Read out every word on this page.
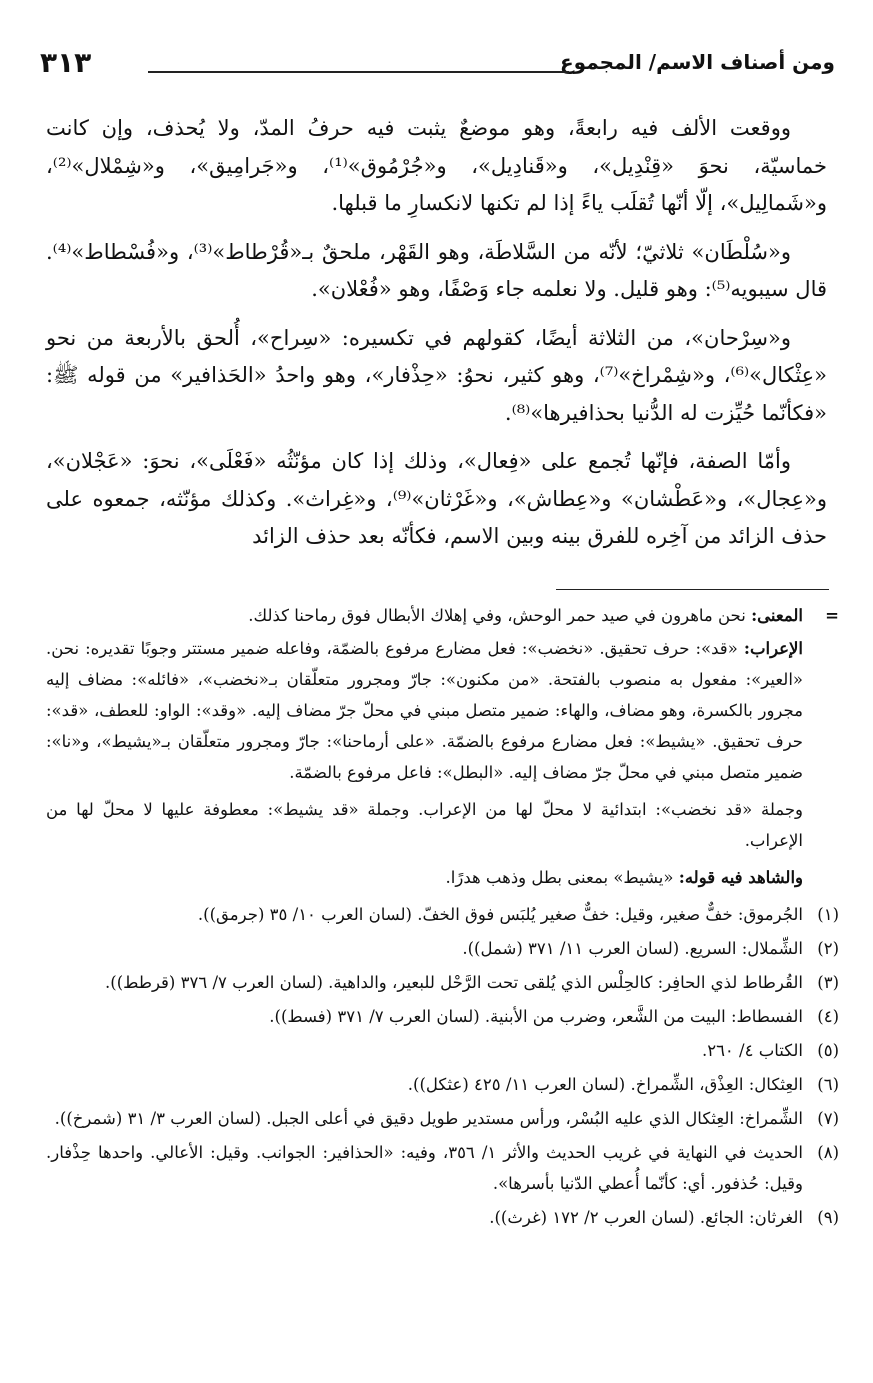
ومن أصناف الاسم/ المجموع
٣١٣

ووقعت الألف فيه رابعةً، وهو موضعٌ يثبت فيه حرفُ المدّ، ولا يُحذف، وإن كانت خماسيّة، نحوَ «قِنْدِيل»، و«قَنادِيل»، و«جُرْمُوق»⁽¹⁾، و«جَرامِيق»، و«شِمْلال»⁽²⁾، و«شَمالِيل»، إلّا أنّها تُقلَب ياءً إذا لم تكنها لانكسارِ ما قبلها.

و«سُلْطَان» ثلاثيّ؛ لأنّه من السَّلاطَة، وهو القَهْر، ملحقٌ بـ«قُرْطاط»⁽³⁾، و«فُسْطاط»⁽⁴⁾. قال سيبويه⁽⁵⁾: وهو قليل. ولا نعلمه جاء وَصْفًا، وهو «فُعْلان».

و«سِرْحان»، من الثلاثة أيضًا، كقولهم في تكسيره: «سِراح»، أُلحق بالأربعة من نحو «عِثْكال»⁽⁶⁾، و«شِمْراخ»⁽⁷⁾، وهو كثير، نحوُ: «حِذْفار»، وهو واحدُ «الحَذافير» من قوله ﷺ: «فكأنّما حُيِّزت له الدُّنيا بحذافيرها»⁽⁸⁾.

وأمّا الصفة، فإنّها تُجمع على «فِعال»، وذلك إذا كان مؤنّثُه «فَعْلَى»، نحوَ: «عَجْلان»، و«عِجال»، و«عَطْشان» و«عِطاش»، و«غَرْثان»⁽⁹⁾، و«غِراث». وكذلك مؤنّثه، جمعوه على حذف الزائد من آخِره للفرق بينه وبين الاسم، فكأنّه بعد حذف الزائد

=

المعنى: نحن ماهرون في صيد حمر الوحش، وفي إهلاك الأبطال فوق رماحنا كذلك.

الإعراب: «قد»: حرف تحقيق. «نخضب»: فعل مضارع مرفوع بالضمّة، وفاعله ضمير مستتر وجوبًا تقديره: نحن. «العير»: مفعول به منصوب بالفتحة. «من مكنون»: جارّ ومجرور متعلّقان بـ«نخضب»، «فائله»: مضاف إليه مجرور بالكسرة، وهو مضاف، والهاء: ضمير متصل مبني في محلّ جرّ مضاف إليه. «وقد»: الواو: للعطف، «قد»: حرف تحقيق. «يشيط»: فعل مضارع مرفوع بالضمّة. «على أرماحنا»: جارّ ومجرور متعلّقان بـ«يشيط»، و«نا»: ضمير متصل مبني في محلّ جرّ مضاف إليه. «البطل»: فاعل مرفوع بالضمّة.

وجملة «قد نخضب»: ابتدائية لا محلّ لها من الإعراب. وجملة «قد يشيط»: معطوفة عليها لا محلّ لها من الإعراب.

والشاهد فيه قوله: «يشيط» بمعنى بطل وذهب هدرًا.

(١)
الجُرموق: خفٌّ صغير، وقيل: خفٌّ صغير يُلبَس فوق الخفّ. (لسان العرب ١٠/ ٣٥ (جرمق)).
(٢)
الشِّملال: السريع. (لسان العرب ١١/ ٣٧١ (شمل)).
(٣)
القُرطاط لذي الحافِر: كالحِلْس الذي يُلقى تحت الرَّحْل للبعير، والداهية. (لسان العرب ٧/ ٣٧٦ (قرطط)).
(٤)
الفسطاط: البيت من الشَّعر، وضرب من الأبنية. (لسان العرب ٧/ ٣٧١ (فسط)).
(٥)
الكتاب ٤/ ٢٦٠.
(٦)
العِثكال: العِذْق، الشِّمراخ. (لسان العرب ١١/ ٤٢٥ (عثكل)).
(٧)
الشِّمراخ: العِثكال الذي عليه البُسْر، ورأس مستدير طويل دقيق في أعلى الجبل. (لسان العرب ٣/ ٣١ (شمرخ)).
(٨)
الحديث في النهاية في غريب الحديث والأثر ١/ ٣٥٦، وفيه: «الحذافير: الجوانب. وقيل: الأعالي. واحدها حِذْفار. وقيل: حُذفور. أي: كأنّما أُعطي الدّنيا بأسرها».
(٩)
الغرثان: الجائع. (لسان العرب ٢/ ١٧٢ (غرث)).
